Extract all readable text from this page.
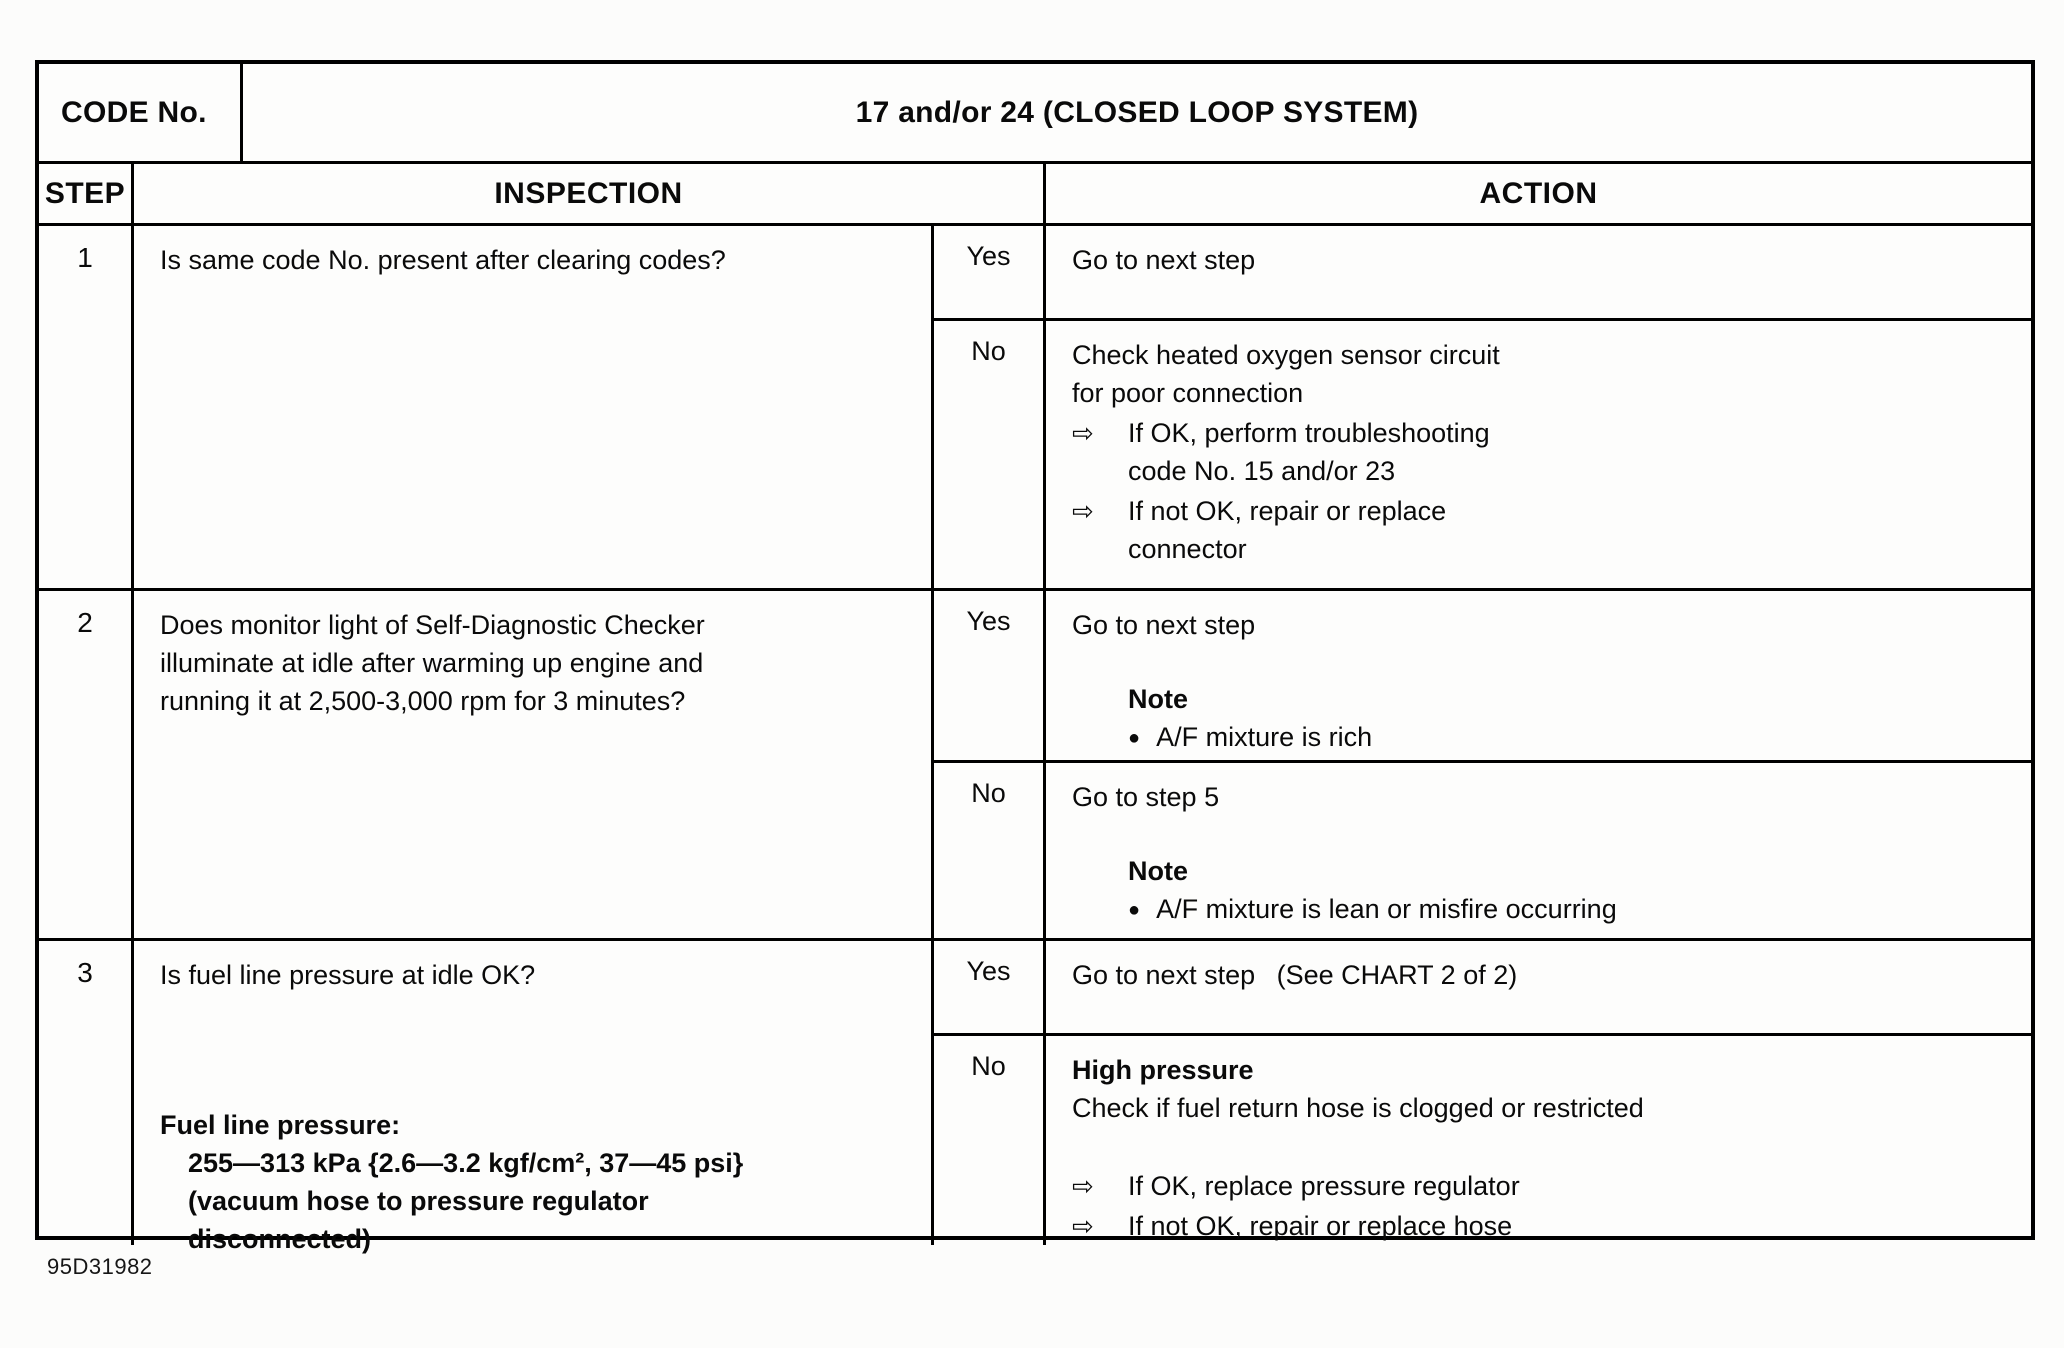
CODE No.	17 and/or 24 (CLOSED LOOP SYSTEM)
STEP	INSPECTION	ACTION
1	Is same code No. present after clearing codes?	Yes	Go to next step
No	Check heated oxygen sensor circuit
for poor connection
⇨	If OK, perform troubleshooting
code No. 15 and/or 23
⇨	If not OK, repair or replace
connector
2	Does monitor light of Self-Diagnostic Checker
illuminate at idle after warming up engine and
running it at 2,500-3,000 rpm for 3 minutes?
Yes	Go to next step
Note
● A/F mixture is rich
No	Go to step 5
Note
● A/F mixture is lean or misfire occurring
3	Is fuel line pressure at idle OK?
Fuel line pressure:
255—313 kPa {2.6—3.2 kgf/cm², 37—45 psi}
(vacuum hose to pressure regulator
disconnected)
Yes	Go to next step (See CHART 2 of 2)
No	High pressure
Check if fuel return hose is clogged or restricted
⇨	If OK, replace pressure regulator
⇨	If not OK, repair or replace hose
95D31982
